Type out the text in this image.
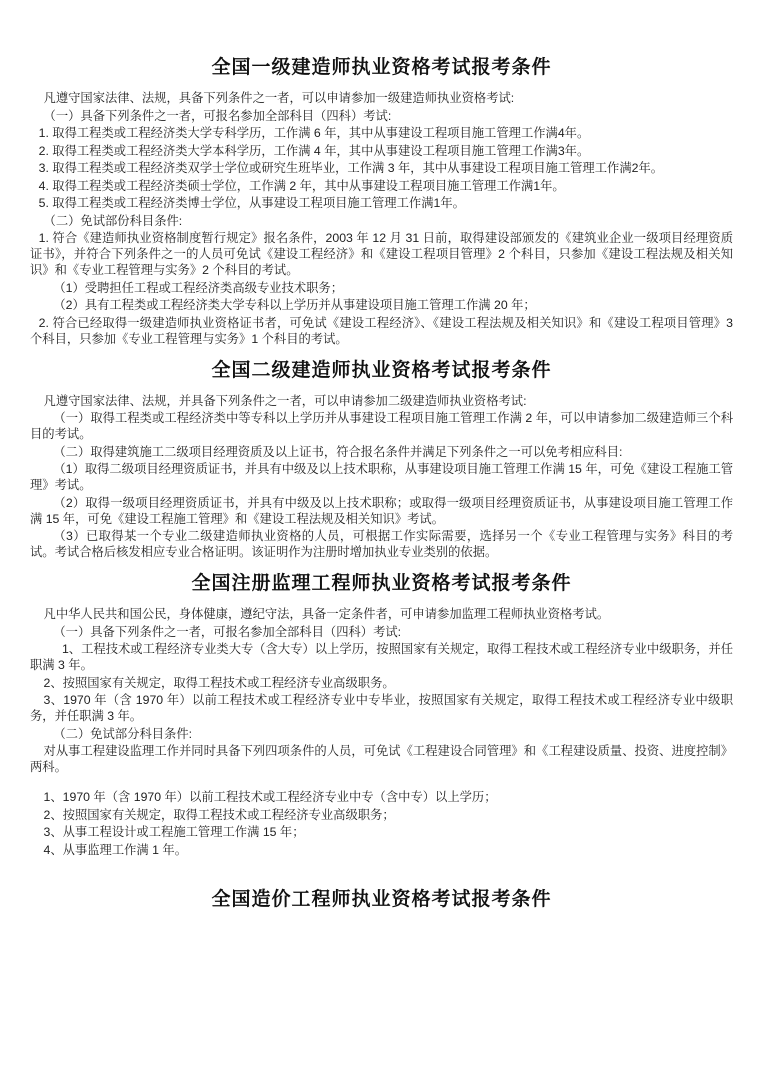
全国一级建造师执业资格考试报考条件

凡遵守国家法律、法规，具备下列条件之一者，可以申请参加一级建造师执业资格考试:

（一）具备下列条件之一者，可报名参加全部科目（四科）考试:

1. 取得工程类或工程经济类大学专科学历，工作满 6 年，其中从事建设工程项目施工管理工作满4年。

2. 取得工程类或工程经济类大学本科学历，工作满 4 年，其中从事建设工程项目施工管理工作满3年。

3. 取得工程类或工程经济类双学士学位或研究生班毕业，工作满 3 年，其中从事建设工程项目施工管理工作满2年。

4. 取得工程类或工程经济类硕士学位，工作满 2 年，其中从事建设工程项目施工管理工作满1年。

5. 取得工程类或工程经济类博士学位，从事建设工程项目施工管理工作满1年。

（二）免试部份科目条件:

1. 符合《建造师执业资格制度暂行规定》报名条件，2003 年 12 月 31 日前，取得建设部颁发的《建筑业企业一级项目经理资质证书》，并符合下列条件之一的人员可免试《建设工程经济》和《建设工程项目管理》2 个科目，只参加《建设工程法规及相关知识》和《专业工程管理与实务》2 个科目的考试。

（1）受聘担任工程或工程经济类高级专业技术职务；

（2）具有工程类或工程经济类大学专科以上学历并从事建设项目施工管理工作满 20 年；

2. 符合已经取得一级建造师执业资格证书者，可免试《建设工程经济》、《建设工程法规及相关知识》和《建设工程项目管理》3 个科目，只参加《专业工程管理与实务》1 个科目的考试。

全国二级建造师执业资格考试报考条件

凡遵守国家法律、法规，并具备下列条件之一者，可以申请参加二级建造师执业资格考试:

（一）取得工程类或工程经济类中等专科以上学历并从事建设工程项目施工管理工作满 2 年，可以申请参加二级建造师三个科目的考试。

（二）取得建筑施工二级项目经理资质及以上证书，符合报名条件并满足下列条件之一可以免考相应科目:

（1）取得二级项目经理资质证书，并具有中级及以上技术职称，从事建设项目施工管理工作满 15 年，可免《建设工程施工管理》考试。

（2）取得一级项目经理资质证书，并具有中级及以上技术职称；或取得一级项目经理资质证书，从事建设项目施工管理工作满 15 年，可免《建设工程施工管理》和《建设工程法规及相关知识》考试。

（3）已取得某一个专业二级建造师执业资格的人员，可根据工作实际需要，选择另一个《专业工程管理与实务》科目的考试。考试合格后核发相应专业合格证明。该证明作为注册时增加执业专业类别的依据。

全国注册监理工程师执业资格考试报考条件

凡中华人民共和国公民，身体健康，遵纪守法，具备一定条件者，可申请参加监理工程师执业资格考试。

（一）具备下列条件之一者，可报名参加全部科目（四科）考试:

1、工程技术或工程经济专业类大专（含大专）以上学历，按照国家有关规定，取得工程技术或工程经济专业中级职务，并任职满 3 年。

2、按照国家有关规定，取得工程技术或工程经济专业高级职务。

3、1970 年（含 1970 年）以前工程技术或工程经济专业中专毕业，按照国家有关规定，取得工程技术或工程经济专业中级职务，并任职满 3 年。

（二）免试部分科目条件:

对从事工程建设监理工作并同时具备下列四项条件的人员，可免试《工程建设合同管理》和《工程建设质量、投资、进度控制》两科。

1、1970 年（含 1970 年）以前工程技术或工程经济专业中专（含中专）以上学历；

2、按照国家有关规定，取得工程技术或工程经济专业高级职务；

3、从事工程设计或工程施工管理工作满 15 年；

4、从事监理工作满 1 年。

全国造价工程师执业资格考试报考条件
